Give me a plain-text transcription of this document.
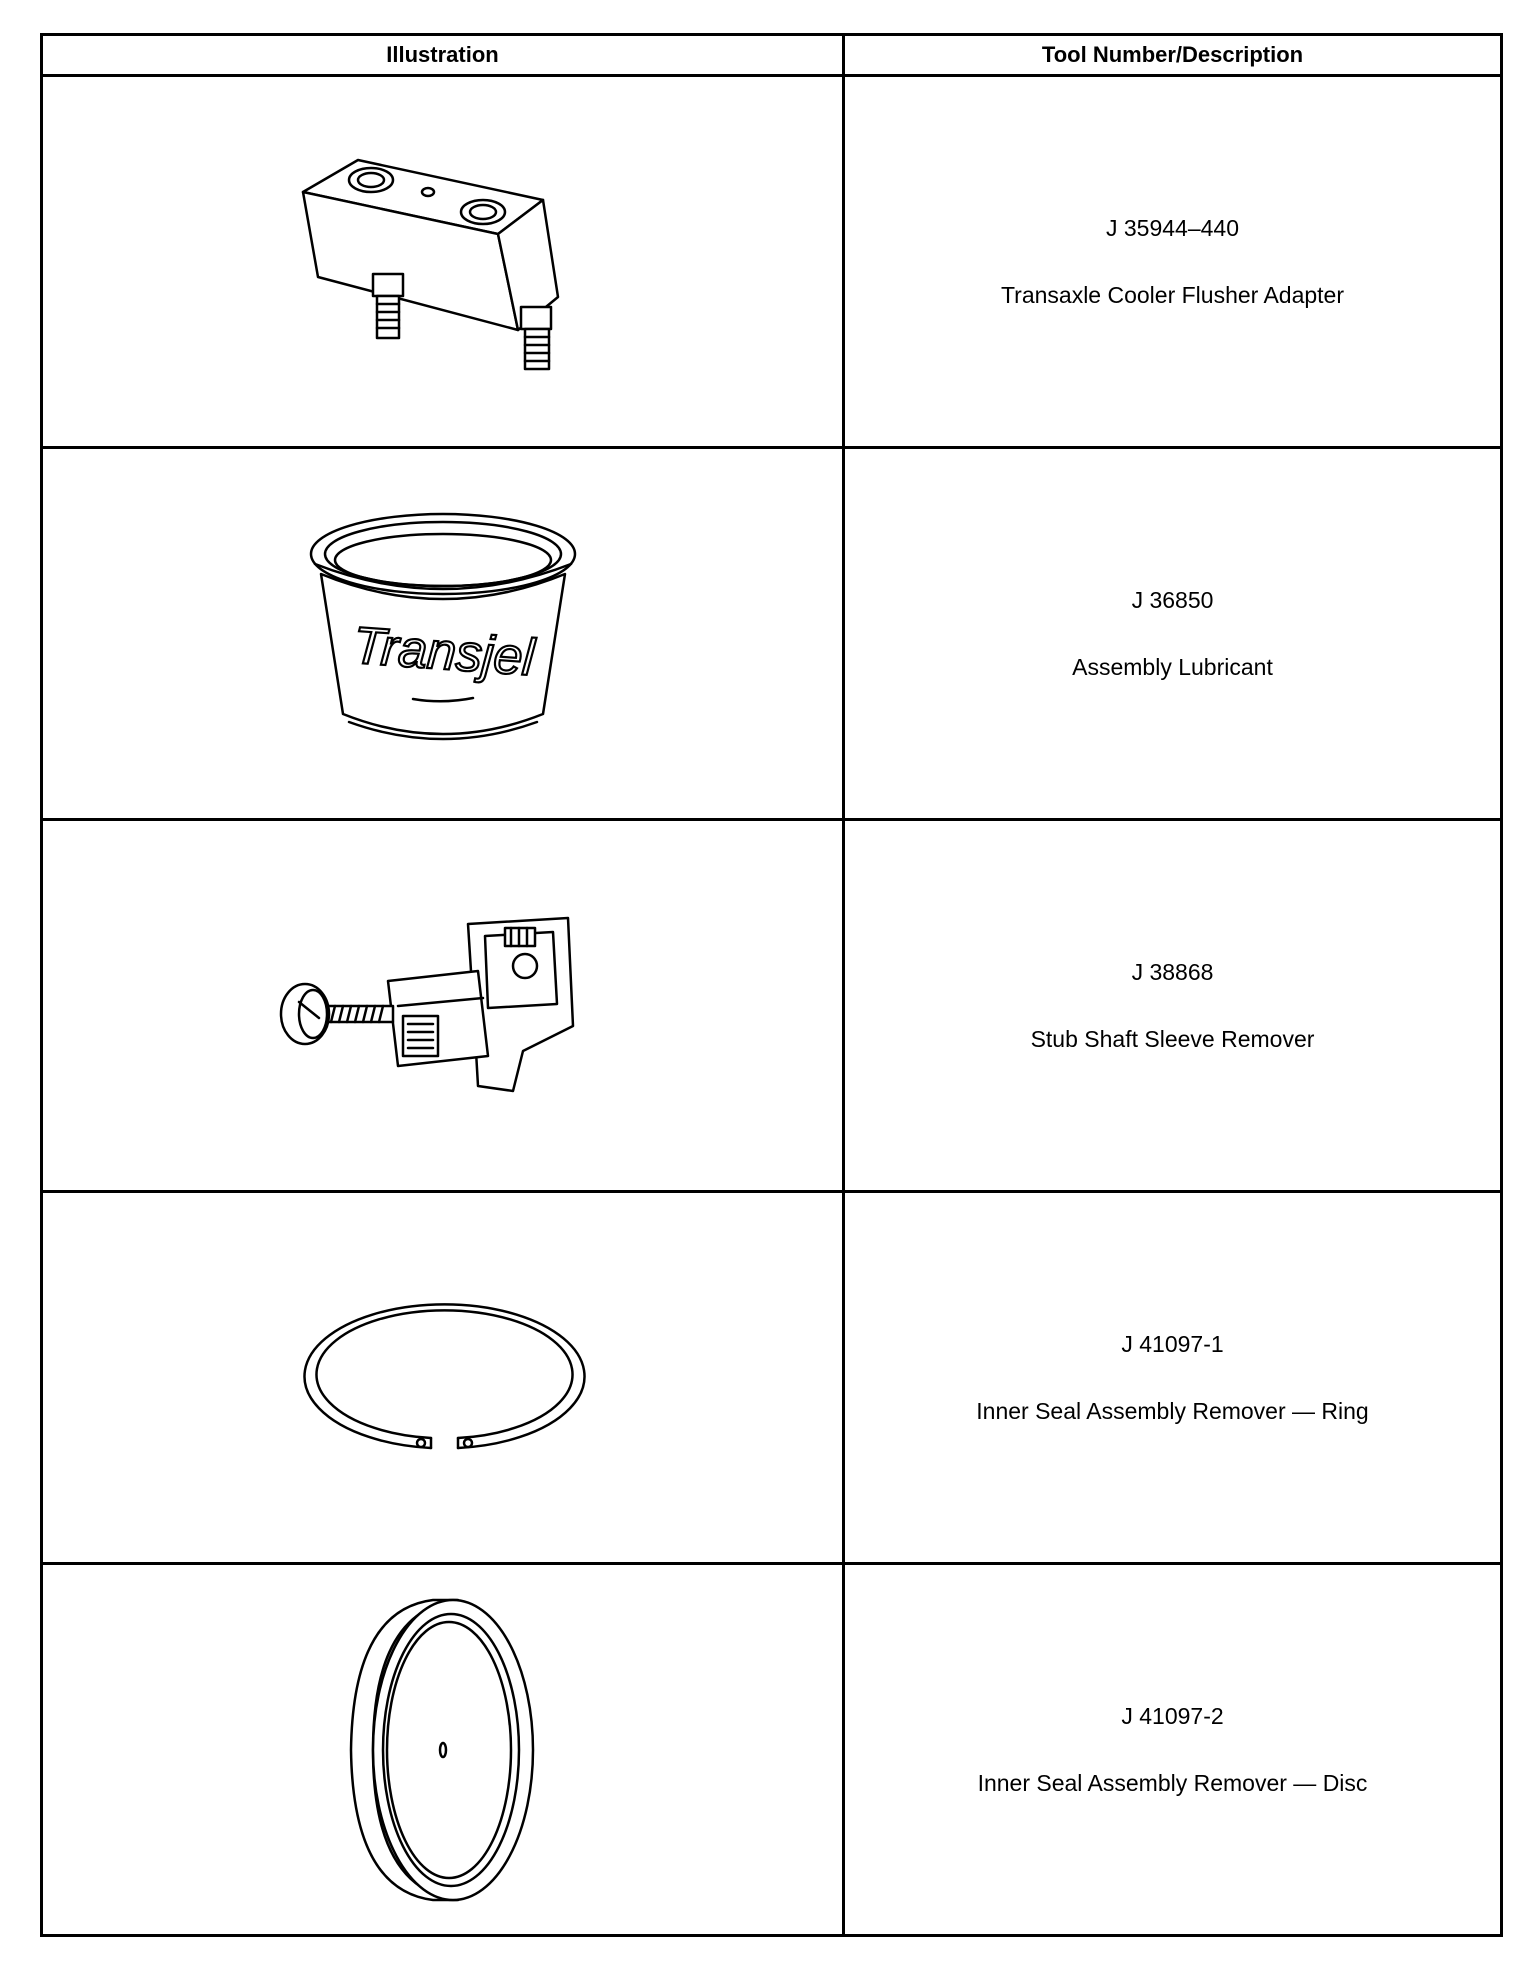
Illustration	Tool Number/Description

J 35944–440
Transaxle Cooler Flusher Adapter

Transjel	J 36850
Assembly Lubricant

J 38868
Stub Shaft Sleeve Remover

J 41097-1
Inner Seal Assembly Remover — Ring

J 41097-2
Inner Seal Assembly Remover — Disc
